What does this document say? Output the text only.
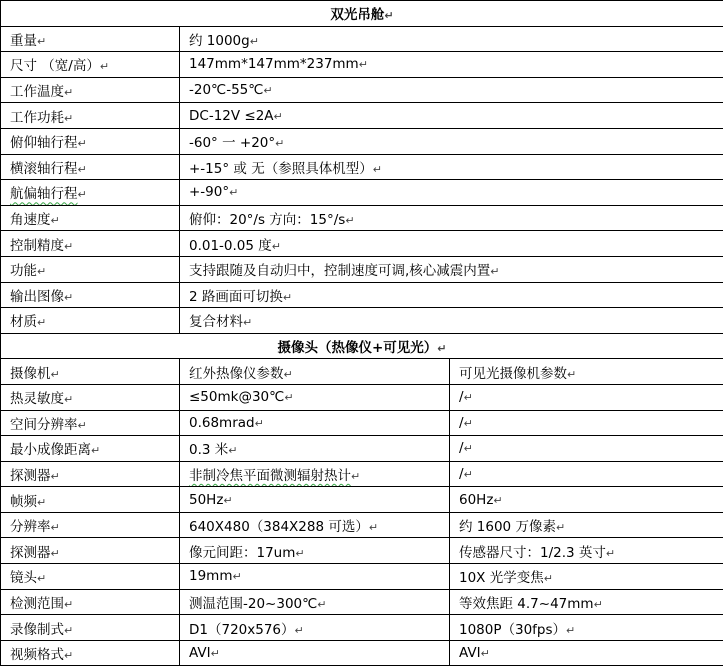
双光吊舱↵		
重量↵	约 1000g↵	
尺寸 （宽/高）↵	147mm*147mm*237mm↵	
工作温度↵	-20℃-55℃↵	
工作功耗↵	DC-12V ≤2A↵	
俯仰轴行程↵	-60° 一 +20°↵	
横滚轴行程↵	+-15° 或 无（参照具体机型）↵	
航偏轴行程↵	+-90°↵	
角速度↵	俯仰：20°/s 方向：15°/s↵	
控制精度↵	0.01-0.05 度↵	
功能↵	支持跟随及自动归中，控制速度可调,核心减震内置↵	
输出图像↵	2 路画面可切换↵	
材质↵	复合材料↵	
摄像头（热像仪+可见光）↵		
摄像机↵	红外热像仪参数↵	可见光摄像机参数↵
热灵敏度↵	≤50mk@30℃↵	/↵
空间分辨率↵	0.68mrad↵	/↵
最小成像距离↵	0.3 米↵	/↵
探测器↵	非制冷焦平面微测辐射热计↵	/↵
帧频↵	50Hz↵	60Hz↵
分辨率↵	640X480（384X288 可选）↵	约 1600 万像素↵
探测器↵	像元间距：17um↵	传感器尺寸：1/2.3 英寸↵
镜头↵	19mm↵	10X 光学变焦↵
检测范围↵	测温范围-20~300℃↵	等效焦距 4.7~47mm↵
录像制式↵	D1（720x576）↵	1080P（30fps）↵
视频格式↵	AVI↵	AVI↵
